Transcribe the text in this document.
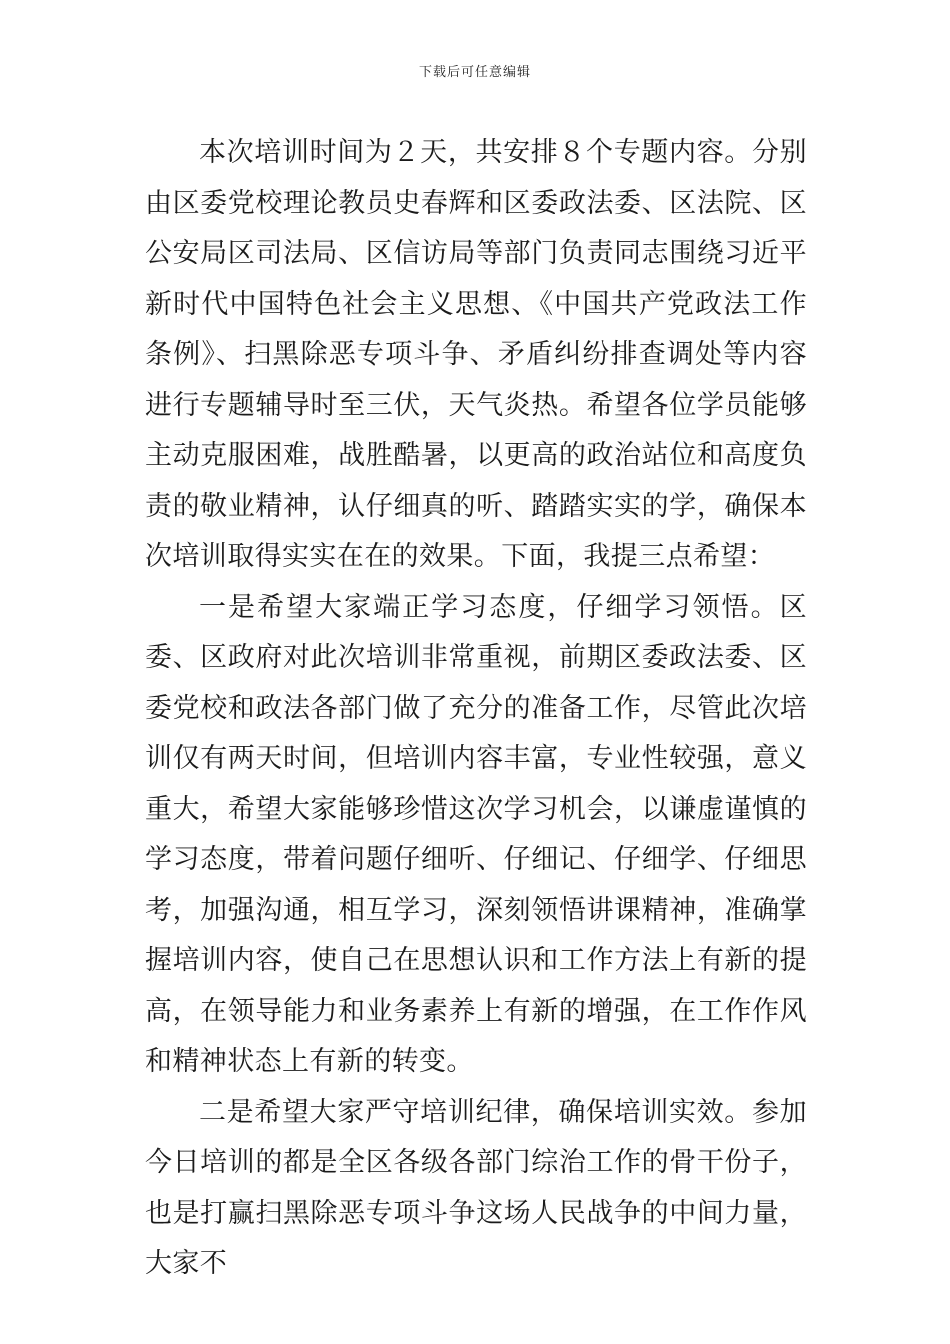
下载后可任意编辑

本次培训时间为２天，共安排８个专题内容。分别由区委党校理论教员史春辉和区委政法委、区法院、区公安局区司法局、区信访局等部门负责同志围绕习近平新时代中国特色社会主义思想、《中国共产党政法工作条例》、扫黑除恶专项斗争、矛盾纠纷排查调处等内容进行专题辅导时至三伏，天气炎热。希望各位学员能够主动克服困难，战胜酷暑，以更高的政治站位和高度负责的敬业精神，认仔细真的听、踏踏实实的学，确保本次培训取得实实在在的效果。下面，我提三点希望：

一是希望大家端正学习态度，仔细学习领悟。区委、区政府对此次培训非常重视，前期区委政法委、区委党校和政法各部门做了充分的准备工作，尽管此次培训仅有两天时间，但培训内容丰富，专业性较强，意义重大，希望大家能够珍惜这次学习机会，以谦虚谨慎的学习态度，带着问题仔细听、仔细记、仔细学、仔细思考，加强沟通，相互学习，深刻领悟讲课精神，准确掌握培训内容，使自己在思想认识和工作方法上有新的提高，在领导能力和业务素养上有新的增强，在工作作风和精神状态上有新的转变。

二是希望大家严守培训纪律，确保培训实效。参加今日培训的都是全区各级各部门综治工作的骨干份子，也是打赢扫黑除恶专项斗争这场人民战争的中间力量，大家不
